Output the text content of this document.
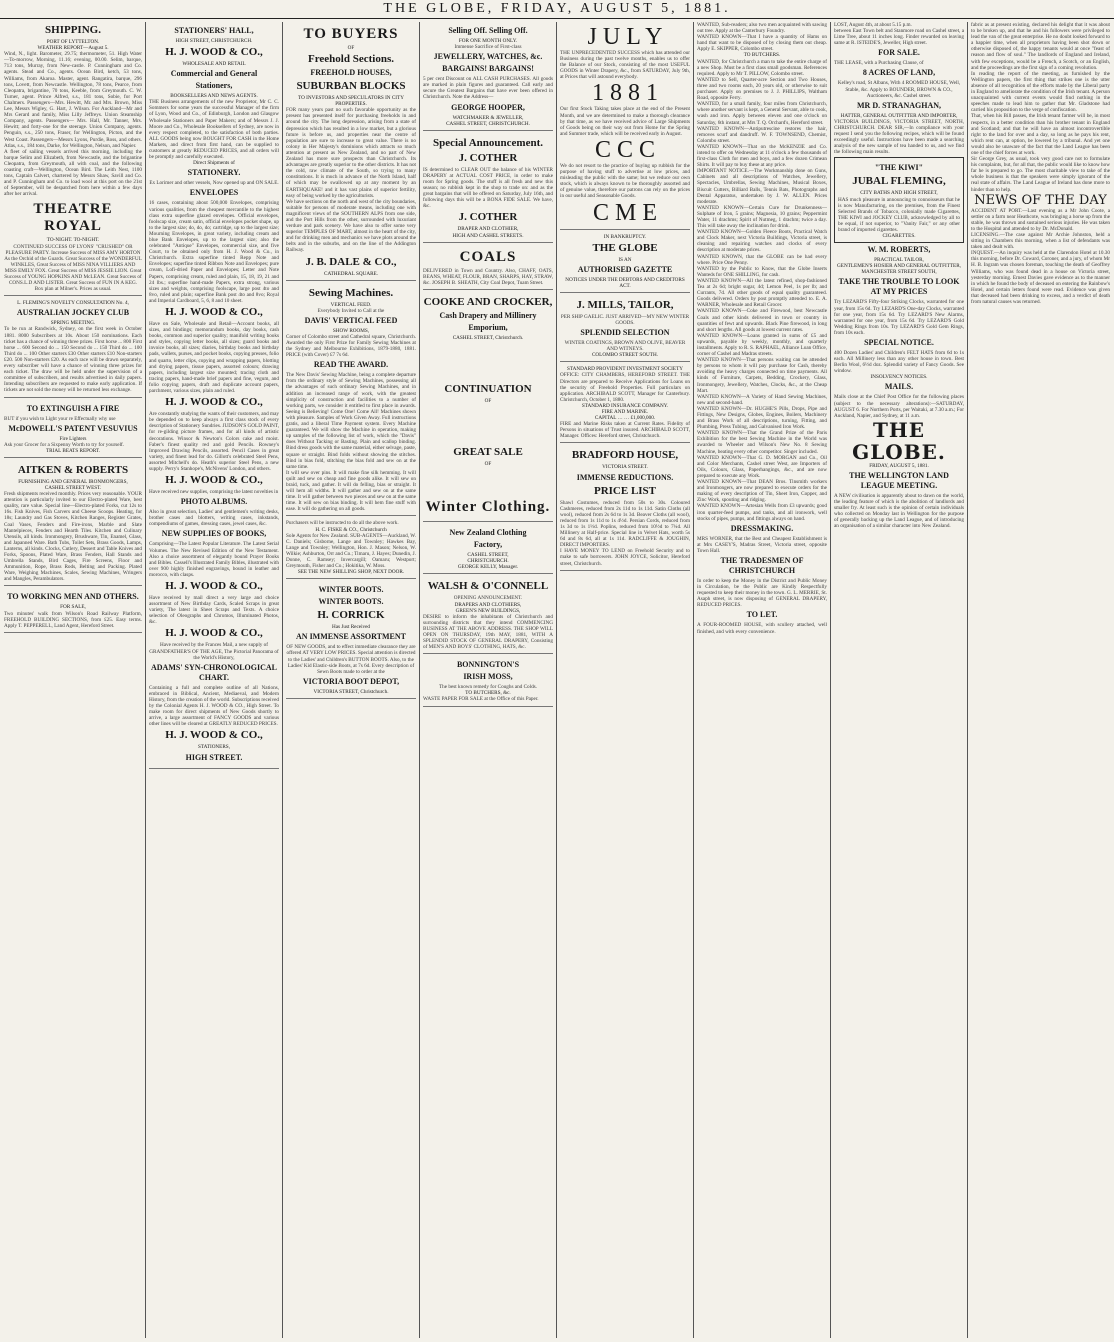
THE GLOBE, FRIDAY, AUGUST 5, 1881.
SHIPPING.
PORT OF LYTTELTON.
WEATHER REPORT—August 5.
Wind, N., light. Barometer, 29.75; thermometer, 51. High Water—To-morrow, Morning, 11.16; evening, 00.00. Selim, barque, 713 tons, Murray, from New-castle. P. Cunningham and Co. agents. Stead and Co., agents. Ocean Bird, ketch, 53 tons, Williams, from Akaroa. Master, agent. Rangatira, barque, 296 tons, Lovett, from Newcastle. Wellington, 78 tons, Pearce, from Cleopatra, brigantine, 70 tons, Keeble, from Greymouth. C. W. Turner, agent. Prince Alfred, s.s., 181 tons, Sobie, for Port Chalmers. Passengers—Mrs. Hewitt, Mr. and Mrs. Brown, Miss Lee, Messrs Wigley, G. Hart, J. Wilson. For Auckland—Mr and Mrs Gerard and family, Miss Lilly Jeffreys. Union Steamship Company, agents. Passengers— Mrs. Hall, Mr. Tanner, Mrs. Hewitt; and forty-one for the steerage. Union Company, agents. Penguin, s.s., 250 tons, Fraser, for Wellington, Picton, and the West Coast. Passengers—Messrs Lyons, Purdie, Ross, and others. Atlas, s.s., 184 tons, Darke, for Wellington, Nelson, and Napier.
A fleet of sailing vessels arrived this morning, including the barque Selim and Elizabeth, from Newcastle, and the brigantine Cleopatra, from Greymouth, all with coal, and the following coasting craft—Wellington, Ocean Bird. The Leith Nest, 1100 tons, Captain Calvert, chartered by Messrs Shaw, Savill and Co. and P. Cunningham and Co. to load wool at this port on the 21st of September, will be despatched from here within a few days after her arrival.
THEATRE ROYAL
TO-NIGHT. TO-NIGHT.
CONTINUED SUCCESS OF LYONS' "CRUSHED" OR PLEASURE PARTY. Increase Success of MISS AMY HORTON As the Orchid of the Guards. Great Success of the WONDERFUL WINKLES, Great Success of MISS NINA VILLIERS AND MISS EMILY FOX. Great Success of MISS JESSIE LION. Great Success of YOUNG HOPKINS AND McLEAN. Great Success of CONS.L.D AND LISTER. Great Success of FUN IN A KEG. Box plan at Milner's. Prices as usual.
L. FLEMING'S NOVELTY CONSULTATION No. 4,
AUSTRALIAN JOCKEY CLUB
SPRING MEETING.
To be run at Randwick, Sydney, on the first week in October 1881. 8000 Subscribers at 10s. About 150 nominations. Each ticket has a chance of winning three prizes. First horse ... 800 First horse ... 600 Second do ... 150 Second do ... 150 Third do ... 100 Third do ... 100 Other starters £30 Other starters £10 Non-starters £20. 500 Non-starters £20. As each race will be drawn separately, every subscriber will have a chance of winning three prizes for each ticket. The draw will be held under the supervision of a committee of subscribers, and results advertised in daily papers. Intending subscribers are requested to make early application. If tickets are not sold the money will be returned less exchange.
TO EXTINGUISH A FIRE
BUT if you wish to Light your re Effectually why use
McDOWELL'S PATENT VESUVIUS
Fire Lighters
Ask your Grocer for a Sixpenny Worth to try for yourself.
TRIAL BEATS REPORT.
AITKEN & ROBERTS
FURNISHING AND GENERAL IRONMONGERS,
CASHEL STREET WEST.
Fresh shipments received monthly. Prices very reasonable. YOUR attention is particularly invited to our Electro-plated Ware, best quality, rare value. Special line—Electro-plated Forks, cut 12s to 16s. Fish Knives, Fish Carvers and Cheese Scoops. Heating, for 18s; Laundry and Gas Stoves, Kitchen Ranges, Register Grates, Coal Vases, Fenders and Fire-irons, Marble and Slate Mantelpieces, Fenders and Hearth Tiles. Kitchen and Culinary Utensils, all kinds. Ironmongery, Brushware, Tin, Enamel, Glass, and Japanned Ware. Bath Tubs, Toilet Sets, Brass Goods, Lamps, Lanterns, all kinds. Clocks, Cutlery, Dessert and Table Knives and Forks, Spoons, Plated Ware, Brass Fenders, Hall Stands and Umbrella Stands, Bird Cages, Fire Screens, Floor and Ammunition, Rope, Brass Rods, Belting and Packing. Plated Ware, Weighing Machines, Scales, Sewing Machines, Wringers and Mangles, Perambulators.
TO WORKING MEN AND OTHERS.
FOR SALE,
Two minutes' walk from Wilson's Road Railway Platform, FREEHOLD BUILDING SECTIONS, from £25. Easy terms. Apply T. PEPPERELL, Land Agent, Hereford Street.
STATIONERS' HALL,
HIGH STREET, CHRISTCHURCH.
H. J. WOOD & CO.,
WHOLESALE AND RETAIL
Commercial and General
Stationers,
BOOKSELLERS AND NEWS AGENTS.
THE Business arrangements of the new Proprietor, Mr C. C. Sommers for some years the successful Manager of the firm of Lyon, Wood and Co., of Edinburgh, London and Glasgow Wholesale Stationers and Paper Makers; and of Messrs J. J. Moore and Co., Wholesale Booksellers of Sydney, are now in every respect completed, to the satisfaction of both parties. ALL GOODS being now BOUGHT FOR CASH in the Home Markets, and direct from first hand, can be supplied to customers at greatly REDUCED PRICES, and all orders will be promptly and carefully executed.
Direct Shipments of
STATIONERY.
Ex Lorimer and other vessels, Now opened up and ON SALE.
ENVELOPES
16 cases, containing about 500,000 Envelopes, comprising various qualities, from the cheapest mercantile to the highest class extra superfine glazed envelopes. Official envelopes, foolscap size, cream satin, official envelopes pocket shape, up to the largest size; do, do, do; cartridge, up to the largest size; Mourning Envelopes, in great variety, including cream and blue Bank Envelopes, up to the largest size; also the celebrated "Antique" Envelopes, commercial size, and five Court, to be obtained only from H. J. Wood & Co., in Christchurch. Extra superfine tinted Repp Note and Envelopes; superfine tinted Ribbon Note and Envelopes; pure cream, Lofi-dried Paper and Envelopes; Letter and Note Papers, comprising cream, ruled and plain, 15, 18, 19, 21 and 24 lbs.; superfine hand-made Papers, extra strong, various sizes and weights, comprising foolscape, large post 4to and 8vo, ruled and plain; superfine Bank post 4to and 8vo; Royal and Imperial Cardboard, 5, 6, 8 and 10 sheet.
H. J. WOOD & CO.,
Have on Sale, Wholesale and Retail—Account books, all sizes, and bindings; memorandum books, day books, cash books, common and superior quality; manifold writing books and styles, copying letter books, all sizes; guard books and invoice books, all sizes; diaries, birthday books and birthday pads, wallets, purses, and pocket books, copying presses, folio and quarto, letter clips, copying and wrapping papers, blotting and drying papers, tissue papers, assorted colours; drawing papers, including largest size mounted; tracing cloth and tracing papers, hand-made brief papers and fine, vegum, and folio copying papers, draft and duplicate account papers, parchment, various sizes, plain and ruled.
H. J. WOOD & CO.,
Are constantly studying the wants of their customers, and may be depended on to keep always a first class stock of every description of Stationery Sundries. JUDSON'S GOLD PAINT, for re-gilding picture frames, and for all kinds of artistic decorations. Winsor & Newton's Colors cake and moist. Faber's finest quality red and gold Pencils. Rowney's Improved Drawing Pencils, assorted. Pencil Cases in great variety, and finest lead for do. Gillott's celebrated Steel Pens, assorted Mitchell's do. Heath's superior Steel Pens, a new supply. Perry's Stanhope's, McNivens' London, and others.
H. J. WOOD & CO.,
Have received new supplies, comprising the latest novelties in
PHOTO ALBUMS.
Also in great selection, Ladies' and gentlemen's writing desks, brother cases and blotters, writing cases, inkstands, compendiums of games, dressing cases, jewel cases, &c.
NEW SUPPLIES OF BOOKS,
Comprising—The Latest Popular Literature. The Latest Serial Volumes. The New Revised Edition of the New Testament. Also a choice assortment of elegantly bound Prayer Books and Bibles. Cassell's Illustrated Family Bibles, illustrated with over 900 highly finished engravings, bound in leather and morocco, with clasps.
H. J. WOOD & CO.,
Have received by mail direct a very large and choice assortment of New Birthday Cards, Scaled Scraps in great variety, The latest in Sheet Scraps and Texts. A choice selection of Oleographs and Chromos, Illuminated Photos, &c.
H. J. WOOD & CO.,
Have received by the Frances Mail, a new supply of GRANDFATHER'S OF THE AGE, The Pictorial Panorama of the World's History,
ADAMS' SYN-CHRONOLOGICAL CHART.
Containing a full and complete outline of all Nations, embraced in Biblical, Ancient, Mediaeval, and Modern History, from the creation of the world. Subscriptions received by the Colonial Agents H. J. WOOD & CO., High Street. To make room for direct shipments of New Goods shortly to arrive, a large assortment of FANCY GOODS and various other lines will be cleared at GREATLY REDUCED PRICES.
H. J. WOOD & CO.,
STATIONERS,
HIGH STREET.
TO BUYERS
OF
Freehold Sections.
FREEHOLD HOUSES,
SUBURBAN BLOCKS
TO INVESTORS AND SPECULATORS IN CITY PROPERTIES.
FOR many years past no such favorable opportunity as the present has presented itself for purchasing freeholds in and around the city. The long depression, arising from a state of depression which has resulted in a low market, but a glorious future is before us, and properties near the centre of population are sure to increase to great value. There is no colony in Her Majesty's dominions which attracts so much attention at present as New Zealand, and no part of New Zealand has more sure prospects than Christchurch. Its advantages are greatly superior to the other districts. It has not the cold, raw climate of the South, so trying to many constitutions. It is much in advance of the North Island, half of which may be swallowed up at any moment by an EARTHQUAKE! and it has vast plains of superior fertility, easy of being worked by the agriculturists.
We have sections on the north and west of the city boundaries, suitable for persons of moderate means, including one with magnificent views of the SOUTHERN ALPS from one side, and the Port Hills from the other, surrounded with luxuriant verdure and park scenery. We have also to offer some very superior TEMPLES OF MART, almost in the heart of the city, and for drinking men and mechanics we have plots around the belts and in the suburbs, and on the line of the Addington Railway.
J. B. DALE & CO.,
CATHEDRAL SQUARE.
Sewing Machines.
VERTICAL FEED.
Everybody Invited to Call at the
DAVIS' VERTICAL FEED
SHOW ROOMS,
Corner of Colombo street and Cathedral square, Christchurch. Awarded the only First Prize for Family Sewing Machines at the Sydney and Melbourne Exhibitions, 1879-1880, 1881. PRICE (with Cover) £7 7s 6d.
READ THE AWARD.
The New Davis' Sewing Machine, being a complete departure from the ordinary style of Sewing Machines, possessing all the advantages of such ordinary Sewing Machines, and in addition an increased range of work, with the greatest simplicity of construction and facilities to a number of working parts, we consider it entitled to first place in awards. Seeing is Believing! Come One! Come All! Machines shown with pleasure. Samples of Work Given Away. Full instructions gratis, and a liberal Time Payment system. Every Machine guaranteed. We will show the Machine in operation, making up samples of the following list of work, which the "Davis" does Without Tacking or Basting. Plain and scallop binding. Bind dress goods with the same material, either selvage, paste, square or straight. Bind folds without showing the stitches. Bind in bias fold, stitching the bias fold and sew on at the same time.
It will sew over pins. It will make fine silk hemming. It will quilt and sew on cheap and fine goods alike. It will sew on braid, tuck, and gather. It will do felling, bias or straight. It will hem all widths. It will gather and sew on at the same time. It will gather between two pieces and sew on at the same time. It will sew on bias binding. It will hem fine stuff with ease. It will do gathering on all goods.
Purchasers will be instructed to do all the above work.
H. C. FISKE & CO., Christchurch
Sole Agents for New Zealand. SUB-AGENTS—Auckland, W. C. Daniels; Gisborne, Lange and Townley; Hawkes Bay, Lange and Townley; Wellington, Hon. J. Mason; Nelson, W. Wilkie; Ashburton, Orr and Co.; Timaru, J. Hayes; Dunedin, J. Donne, C. Ramsey; Invercargill; Oamaru; Westport; Greymouth, Fisher and Co.; Hokitika, W. Moss.
SEE THE NEW SHILLING SHOP, NEXT DOOR.
WINTER BOOTS.
WINTER BOOTS.
H. CORRICK
Has Just Received
AN IMMENSE ASSORTMENT
OF NEW GOODS, and to effect immediate clearance they are offered AT VERY LOW PRICES. Special attention is directed to the Ladies' and Children's BUTTON BOOTS. Also, to the Ladies' Kid Elastic-side Boots, at 7s 6d. Every description of Sewn Boots made to order at the
VICTORIA BOOT DEPOT,
VICTORIA STREET, Christchurch.
Selling Off. Selling Off.
FOR ONE MONTH ONLY.
Immense Sacrifice of First-class
JEWELLERY, WATCHES, &c.
BARGAINS! BARGAINS!
5 per cent Discount on ALL CASH PURCHASES. All goods are marked in plain figures and guaranteed. Call early and secure the Greatest Bargains that have ever been offered in Christchurch. Note the Address—
GEORGE HOOPER,
WATCHMAKER & JEWELLER,
CASHEL STREET, CHRISTCHURCH.
Special Announcement.
J. COTHER
IS determined to CLEAR OUT the balance of his WINTER DRAPERY at ACTUAL COST PRICE, in order to make room for Spring goods. The stuff is all fresh and new this season; no rubbish kept in the shop to trade on: and as the great bargains that will be offered on Saturday, July 16th, and following days this will be a BONA FIDE SALE. We have, &c.
J. COTHER
DRAPER AND CLOTHIER,
HIGH AND CASHEL STREETS.
COALS
DELIVERED in Town and Country. Also, CHAFF, OATS, BEANS, WHEAT, FLOUR, BRAN, SHARPS, HAY, STRAW, &c. JOSEPH B. SHEATH, City Coal Depot, Tuam Street.
COOKE AND CROCKER,
Cash Drapery and Millinery
Emporium,
CASHEL STREET, Christchurch.
CONTINUATION
OF
GREAT SALE
OF
Winter Clothing.
New Zealand Clothing
Factory,
CASHEL STREET,
CHRISTCHURCH.
GEORGE KELLY, Manager.
WALSH & O'CONNELL
OPENING ANNOUNCEMENT.
DRAPERS AND CLOTHIERS,
GREEN'S NEW BUILDINGS,
DESIRE to inform the inhabitants of Christchurch and surrounding districts that they intend COMMENCING BUSINESS AT THE ABOVE ADDRESS. THE SHOP WILL OPEN ON THURSDAY, 19th MAY, 1881, WITH A SPLENDID STOCK OF GENERAL DRAPERY, Consisting of MEN'S AND BOYS' CLOTHING, HATS, &c.
BONNINGTON'S
IRISH MOSS,
The best known remedy for Coughs and Colds.
TO BUTCHERS, &c.
WASTE PAPER FOR SALE at the Office of this Paper.
J U L Y
THE UNPRECEDENTED SUCCESS which has attended our Business during the past twelve months, enables us to offer the Balance of our Stock, consisting of the most USEFUL GOODS in Winter Drapery, &c., from SATURDAY, July 9th, at Prices that will astound everybody.
1 8 8 1
Our first Stock Taking takes place at the end of the Present Month, and we are determined to make a thorough clearance by that time, as we have received advice of Large Shipments of Goods being on their way out from Home for the Spring and Summer trade, which will be received early in August.
C C C
We do not resort to the practice of buying up rubbish for the purpose of having stuff to advertise at low prices, and misleading the public with the same; but we reduce our own stock, which is always known to be thoroughly assorted and of genuine value, therefore our patrons can rely on the prices in our useful and Seasonable Goods.
C M E
IN BANKRUPTCY.
THE GLOBE
IS AN
AUTHORISED GAZETTE
NOTICES UNDER THE DEBTORS AND CREDITORS ACT.
J. MILLS, TAILOR,
PER SHIP GAELIC. JUST ARRIVED—MY NEW WINTER GOODS.
SPLENDID SELECTION
WINTER COATINGS, BROWN AND OLIVE, BEAVER AND WITNEYS.
COLOMBO STREET SOUTH.
STANDARD PROVIDENT INVESTMENT SOCIETY
OFFICE: CITY CHAMBERS, HEREFORD STREET. THE Directors are prepared to Receive Applications for Loans on the security of Freehold Properties. Full particulars on application. ARCHIBALD SCOTT, Manager for Canterbury. Christchurch, October 1, 1880.
STANDARD INSURANCE COMPANY.
FIRE AND MARINE.
CAPITAL … … £1,000,000.
FIRE and Marine Risks taken at Current Rates. Fidelity of Persons in situations of Trust insured. ARCHIBALD SCOTT, Manager. Offices: Hereford street, Christchurch.
BRADFORD HOUSE,
VICTORIA STREET.
IMMENSE REDUCTIONS.
PRICE LIST
Shawl Costumes, reduced from 50s to 30s. Coloured Cashmeres, reduced from 2s 11d to 1s 11d. Satin Cloths (all wool), reduced from 2s 6d to 1s 3d. Beaver Cloths (all wool), reduced from 1s 11d to 1s 4½d. Persian Cords, reduced from 1s 3d to 1s 1½d. Poplins, reduced from 10½d to 7¼d. All Millinery at Half-price. Special line in Velvet Hats, worth 5s 6d and 8s 6d, all at 1s 11d. RADCLIFFE & JOUGHIN, DIRECT IMPORTERS.
I HAVE MONEY TO LEND on Freehold Security and to make to safe borrowers. JOHN JOYCE, Solicitor, Hereford street, Christchurch.
WANTED, Sub-readers; also two men acquainted with sawing out tree. Apply at the Canterbury Foundry.
WANTED KNOWN—That I have a quantity of Hams on hand that want to be disposed of by closing them out cheap. Apply E. SKIPPER, Colombo street.
TO BUTCHERS.
WANTED, for Christchurch a man to take the entire charge of a new Shop. Must be a first class small goodsman. References required. Apply to Mr T. PILLOW, Colombo street.
WANTED to Sell, Quarter-acre Section and Two Houses, three and two rooms each, 20 years old, or otherwise to suit purchaser. Apply on premises to J. J. PHILLIPS, Waltham Road, opposite Ferry.
WANTED, for a small family, four miles from Christchurch, where another servant is kept, a General Servant, able to cook, wash and iron. Apply between eleven and one o'clock on Saturday, 6th instant, at Mrs T. Q. Orchard's, Hereford street.
WANTED KNOWN—Antiputrescine restores the hair, removes scurf and dandruff. W. F. TOWNSEND, Chemist, Colombo street.
WANTED KNOWN—That on the McKENZIE and Co. intend to offer on Wednesday at 11 o'clock a few thousands of first-class Cloth for men and boys, and a few dozen Crimean Shirts. It will pay to buy these at any price.
IMPORTANT NOTICE.—The Workmanship done on Guns, Cabinets and all descriptions of Watches, Jewellery, Spectacles, Umbrellas, Sewing Machines, Musical Boxes, Biscuit Cutters, Billiard Balls, Tennis Bats, Photographs and Dental Apparatus, undertaken by J. W. ALLEN. Prices moderate.
WANTED KNOWN—Certain Cure for Drunkenness—Sulphate of Iron, 5 grains; Magnesia, 10 grains; Peppermint Water, 11 drachms; Spirit of Nutmeg, 1 drachm; twice a day. This will take away the inclination for drink.
WANTED KNOWN—Golden Fleece Boots, Practical Watch and Clock Maker, next Victoria Buildings, Victoria street, is cleaning and repairing watches and clocks of every description at moderate prices.
WANTED KNOWN, that the GLOBE can be had every where. Price One Penny.
WANTED by the Public to Know, that the Globe Inserts Wanteds for ONE SHILLING, for cash.
WANTED KNOWN—All the latest refined, shop-fashioned Tea at 2s 6d; bright sugar, 4d; Lemon Peel, 1s per lb; and Currants, 7d. All other goods of equal quality guaranteed. Goods delivered. Orders by post promptly attended to. E. A. WARNER, Wholesale and Retail Grocer.
WANTED KNOWN—Coke and Firewood, best Newcastle Coals and other kinds delivered in town or country in quantities of fewt and upwards. Black Pine firewood, in long and short lengths. All goods at lowest current rates.
WANTED KNOWN—Loans granted in sums of £5 and upwards, payable by weekly, monthly, and quarterly installments. Apply to R. S. RAPHAEL, Alliance Loan Office, corner of Cashel and Madras streets.
WANTED KNOWN—That persons waiting can be attended by persons to whom it will pay purchase for Cash, thereby avoiding the heavy charges connected on time payments. All kinds of Furniture, Carpets, Bedding, Crockery, Glass, Ironmongery, Jewellery, Watches, Clocks, &c., at the Cheap Mart.
WANTED KNOWN—A Variety of Hand Sewing Machines, new and second-hand.
WANTED KNOWN—Dr. HUGHE'S Pills, Drops, Pipe and Fittings, New Designs, Globes, Engines, Boilers, Machinery and Brass Work of all descriptions, turning, Fitting, and Plumbing, Press Tubing, and Galvanised Iron Work.
WANTED KNOWN—That the Grand Prize of the Paris Exhibition for the best Sewing Machine in the World was awarded to Wheeler and Wilson's New No. 8 Sewing Machine, beating every other competitor. Singer included.
WANTED KNOWN—That G. D. MORGAN and Co., Oil and Color Merchants, Cashel street West, are Importers of Oils, Colours, Glass, Paperhangings, &c., and are now prepared to execute any Work.
WANTED KNOWN—That DEAN Bros. Tinsmith workers and Ironmongers, are now prepared to execute orders for the making of every description of Tin, Sheet Iron, Copper, and Zinc Work, spouting and ridging.
WANTED KNOWN—Artesian Wells from £3 upwards; good iron quarter-feed pumps, and tanks, and all ironwork, well stocks of pipes, pumps, and fittings always on hand.
DRESSMAKING.
MRS WORNER, that the Best and Cheapest Establishment is at Mrs CASEY'S, Madras Street, Victoria street, opposite Town Hall.
THE TRADESMEN OF CHRISTCHURCH
In order to keep the Money in the District and Public Money in Circulation, be the Public are Kindly Respectfully requested to keep their money in the town. G. L. MERRIE, St. Asaph street, is now disposing of GENERAL DRAPERY, REDUCED PRICES.
TO LET.
A FOUR-ROOMED HOUSE, with scullery attached, well finished, and with every convenience.
LOST, August 4th, at about 5.15 p.m.
between East Town belt and Stanmore road on Cashel street, a Lime Tree, about 11 inches long. Finder rewarded on leaving same at R. ISTEIDE'S, Jeweller, High street.
FOR SALE.
THE LEASE, with a Purchasing Clause, of
8 ACRES OF LAND,
Kelley's road, St Albans, With 4 ROOMED HOUSE, Well, Stable, &c. Apply to BOUNDER, BROWN & CO., Auctioneers, &c. Cashel street.
MR D. STRANAGHAN,
HATTER, GENERAL OUTFITTER AND IMPORTER,
VICTORIA BUILDINGS, VICTORIA STREET, NORTH, CHRISTCHURCH. DEAR SIR,—In compliance with your request I send you the following recipes, which will be found exceedingly useful. Instructions have been made a searching analysis of the new sample of tea handed to us, and we find the following main results.
"THE KIWI"
JUBAL FLEMING,
CITY BATHS AND HIGH STREET,
HAS much pleasure in announcing to connoisseurs that he is now Manufacturing, on the premises, from the Finest Selected Brands of Tobacco, colonially made Cigarettes, THE KIWI and JOCKEY CLUB, acknowledged by all to be equal, if not superior, to "Vanity Fair," or any other brand of imported cigarettes.
CIGARETTES.
W. M. ROBERTS,
PRACTICAL TAILOR,
GENTLEMEN'S HOSIER AND GENERAL OUTFITTER,
MANCHESTER STREET SOUTH,
TAKE THE TROUBLE TO LOOK AT MY PRICES
Try LEZARD'S Fifty-four Striking Clocks, warranted for one year, from 15s 6d. Try LEZARD'S One-day Clocks, warranted for one year, from 15s 6d. Try LEZARD'S New Alarms, warranted for one year, from 15s 6d. Try LEZARD'S Gold Wedding Rings from 10s. Try LEZARD'S Gold Gem Rings, from 10s each.
SPECIAL NOTICE.
400 Dozen Ladies' and Children's FELT HATS from 6d to 1s each. All Millinery less than any other house in town. Best Berlin Wool, 6½d doz. Splendid variety of Fancy Goods. See window.
INSOLVENCY NOTICES.
MAILS.
Mails close at the Chief Post Office for the following places (subject to the necessary alterations):—SATURDAY, AUGUST 6. For Northern Ports, per Waitaki, at 7.30 a.m.; For Auckland, Napier, and Sydney, at 11 a.m.
THE GLOBE.
FRIDAY, AUGUST 5, 1881.
THE WELLINGTON LAND LEAGUE MEETING.
A NEW civilisation is apparently about to dawn on the world, the leading feature of which is the abolition of landlords and smaller fry. At least such is the opinion of certain individuals who collected on Monday last in Wellington for the purpose of generally backing up the Land League, and of introducing an organisation of a similar character into New Zealand.
fabric as at present existing, declared his delight that it was about to be broken up, and that he and his followers were privileged to lead the van of the great enterprise. He no doubt looked forward to a happier time, when all proprietors having been shot down or otherwise disposed of, the happy tenants would at once "feast of reason and flow of soul." The landlords of England and Ireland, with few exceptions, would be a French, a Scotch, or an English, and the proceedings are the first sign of a coming revolution.
In reading the report of the meeting, as furnished by the Wellington papers, the first thing that strikes one is the utter absence of all recognition of the efforts made by the Liberal party in England to ameliorate the condition of the Irish tenant. A person unacquainted with current events would find nothing in the speeches made to lead him to gather that Mr. Gladstone had carried his proposition to the verge of confiscation.
That, when his Bill passes, the Irish tenant farmer will be, in most respects, in a better condition than his brother tenant in England and Scotland; and that he will have an almost incontrovertible right to the land for over and a day, so long as he pays his rent, which rent can, at option, be lowered by a tribunal. And yet one would also be unaware of the fact that the Land League has been one of the chief forces at work.
Sir George Grey, as usual, took very good care not to formulate his complaints, but, for all that, the public would like to know how far he is prepared to go. The most charitable view to take of the whole business is that the speakers were simply ignorant of the real state of affairs. The Land League of Ireland has done more to hinder than to help.
NEWS OF THE DAY
ACCIDENT AT PORT.—Last evening as a Mr John Coote, a settler on a farm near Heathcote, was bringing a horse up from the stable, he was thrown and sustained serious injuries. He was taken to the Hospital and attended to by Dr. McDonald.
LICENSING.—The case against Mr Archie Johnston, held a sitting in Chambers this morning, when a list of defendants was taken and dealt with.
INQUEST.—An inquiry was held at the Clarendon Hotel at 10.30 this morning, before Dr. Coward, Coroner, and a jury, of whom Mr H. B. Ingram was chosen foreman, touching the death of Geoffrey Williams, who was found dead in a house on Victoria street, yesterday morning. Ernest Davies gave evidence as to the manner in which he found the body of deceased on entering the Rainbow's Hotel, and certain letters found were read. Evidence was given that deceased had been drinking to excess, and a verdict of death from natural causes was returned.
